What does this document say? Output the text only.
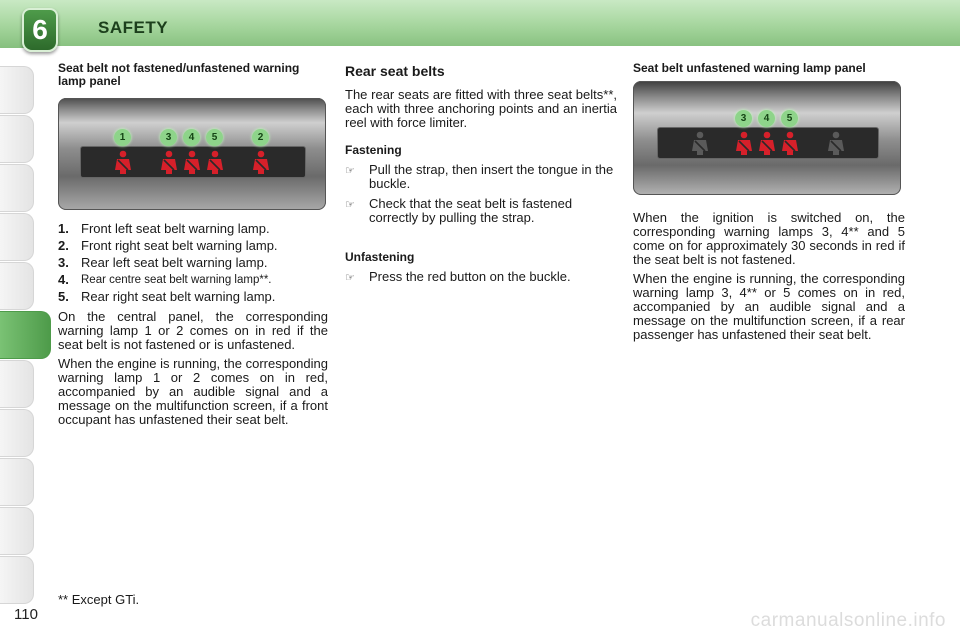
6	SAFETY
Seat belt not fastened/unfastened warning lamp panel
1	3	4	5	2
1. Front left seat belt warning lamp.
2. Front right seat belt warning lamp.
3. Rear left seat belt warning lamp.
4.	Rear centre seat belt warning lamp**.
5. Rear right seat belt warning lamp.

On the central panel, the corresponding warning lamp 1 or 2 comes on in red if the seat belt is not fastened or is unfastened.

When the engine is running, the corresponding warning lamp 1 or 2 comes on in red, accompanied by an audible signal and a message on the multifunction screen, if a front occupant has unfastened their seat belt.

Rear seat belts

The rear seats are fitted with three seat belts**, each with three anchoring points and an inertia reel with force limiter.

Fastening
☞	Pull the strap, then insert the tongue in the buckle.
☞	Check that the seat belt is fastened correctly by pulling the strap.
Unfastening
☞	Press the red button on the buckle.
Seat belt unfastened warning lamp panel
3	4	5

When the ignition is switched on, the corresponding warning lamps 3, 4** and 5 come on for approximately 30 seconds in red if the seat belt is not fastened.

When the engine is running, the corresponding warning lamp 3, 4** or 5 comes on in red, accompanied by an audible signal and a message on the multifunction screen, if a rear passenger has unfastened their seat belt.

** Except GTi.
110	carmanualsonline.info
